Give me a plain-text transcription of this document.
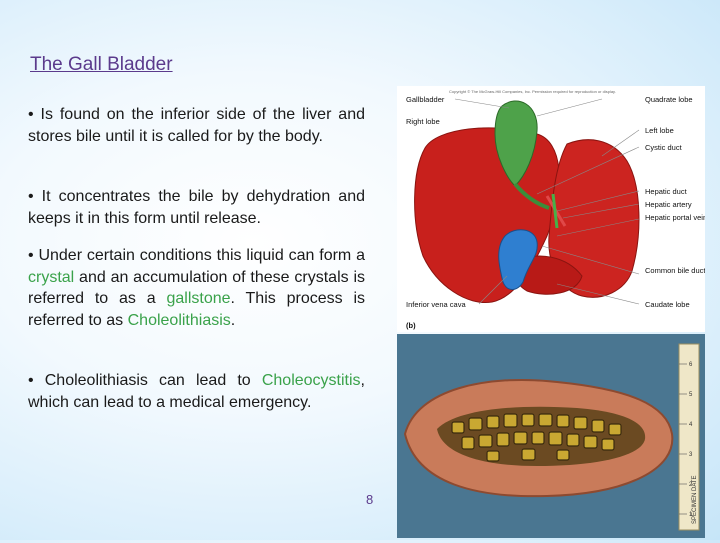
The Gall Bladder
• Is found on the inferior side of the liver and stores bile until it is called for by the body.
• It concentrates the bile by dehydration and keeps it in this form until release.
• Under certain conditions this liquid can form a crystal and an accumulation of these crystals is referred to as a gallstone. This process is referred to as Choleolithiasis.
• Choleolithiasis can lead to Choleocystitis, which can lead to a medical emergency.
8
Copyright © The McGraw-Hill Companies, Inc. Permission required for reproduction or display.
Gallbladder
Right lobe
Inferior vena cava
Quadrate lobe
Left lobe
Cystic duct
Hepatic duct
Hepatic artery
Hepatic portal vein
Common bile duct
Caudate lobe
(b)
6
5
4
3
2
1 SPECIMEN DATE
